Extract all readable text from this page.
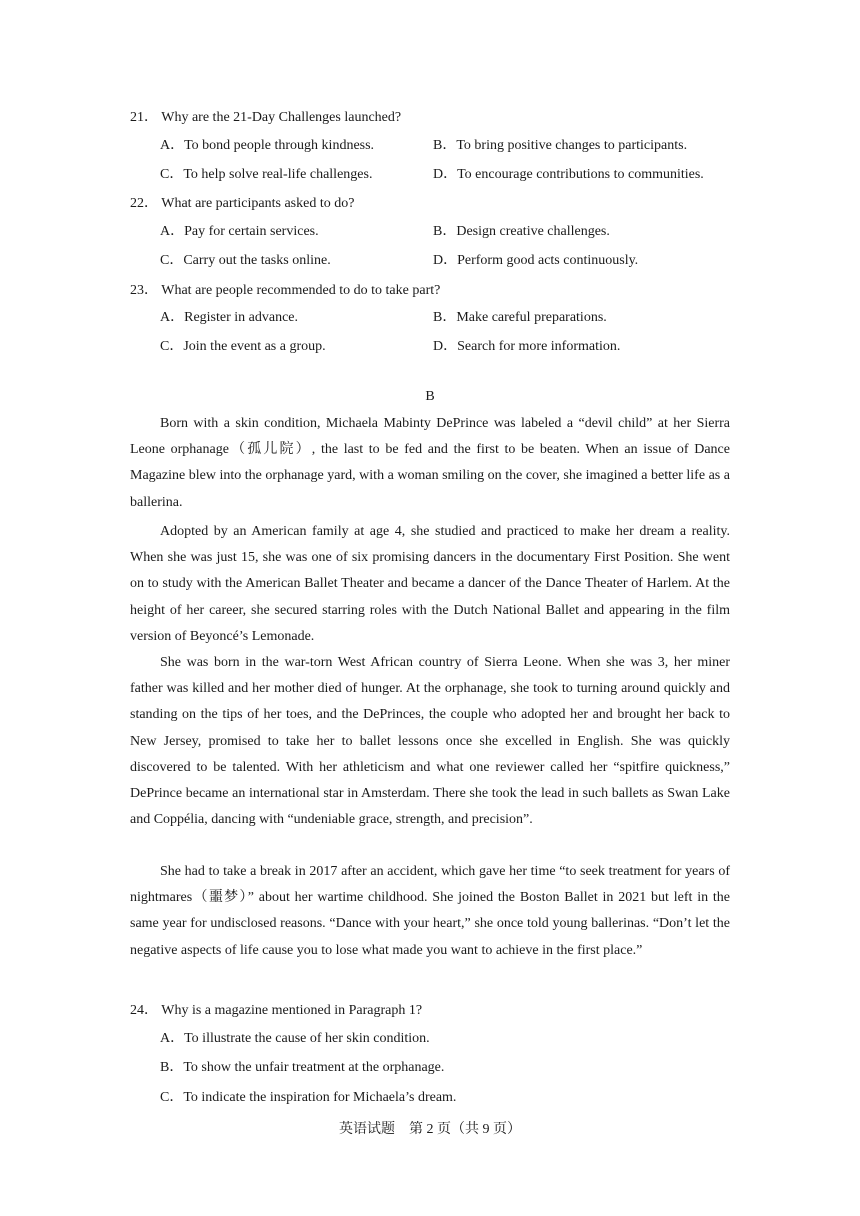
21． Why are the 21-Day Challenges launched?
A．To bond people through kindness.	B．To bring positive changes to participants.
C．To help solve real-life challenges.	D．To encourage contributions to communities.
22． What are participants asked to do?
A．Pay for certain services.	B．Design creative challenges.
C．Carry out the tasks online.	D．Perform good acts continuously.
23． What are people recommended to do to take part?
A．Register in advance.	B．Make careful preparations.
C．Join the event as a group.	D．Search for more information.
B

Born with a skin condition, Michaela Mabinty DePrince was labeled a “devil child” at her Sierra Leone orphanage（孤儿院）, the last to be fed and the first to be beaten. When an issue of Dance Magazine blew into the orphanage yard, with a woman smiling on the cover, she imagined a better life as a ballerina.

Adopted by an American family at age 4, she studied and practiced to make her dream a reality. When she was just 15, she was one of six promising dancers in the documentary First Position. She went on to study with the American Ballet Theater and became a dancer of the Dance Theater of Harlem. At the height of her career, she secured starring roles with the Dutch National Ballet and appearing in the film version of Beyoncé’s Lemonade.

She was born in the war-torn West African country of Sierra Leone. When she was 3, her miner father was killed and her mother died of hunger. At the orphanage, she took to turning around quickly and standing on the tips of her toes, and the DePrinces, the couple who adopted her and brought her back to New Jersey, promised to take her to ballet lessons once she excelled in English. She was quickly discovered to be talented. With her athleticism and what one reviewer called her “spitfire quickness,” DePrince became an international star in Amsterdam. There she took the lead in such ballets as Swan Lake and Coppélia, dancing with “undeniable grace, strength, and precision”.

She had to take a break in 2017 after an accident, which gave her time “to seek treatment for years of nightmares（噩梦）” about her wartime childhood. She joined the Boston Ballet in 2021 but left in the same year for undisclosed reasons. “Dance with your heart,” she once told young ballerinas. “Don’t let the negative aspects of life cause you to lose what made you want to achieve in the first place.”

24． Why is a magazine mentioned in Paragraph 1?
A．To illustrate the cause of her skin condition.
B．To show the unfair treatment at the orphanage.
C．To indicate the inspiration for Michaela’s dream.
英语试题　第 2 页（共 9 页）
